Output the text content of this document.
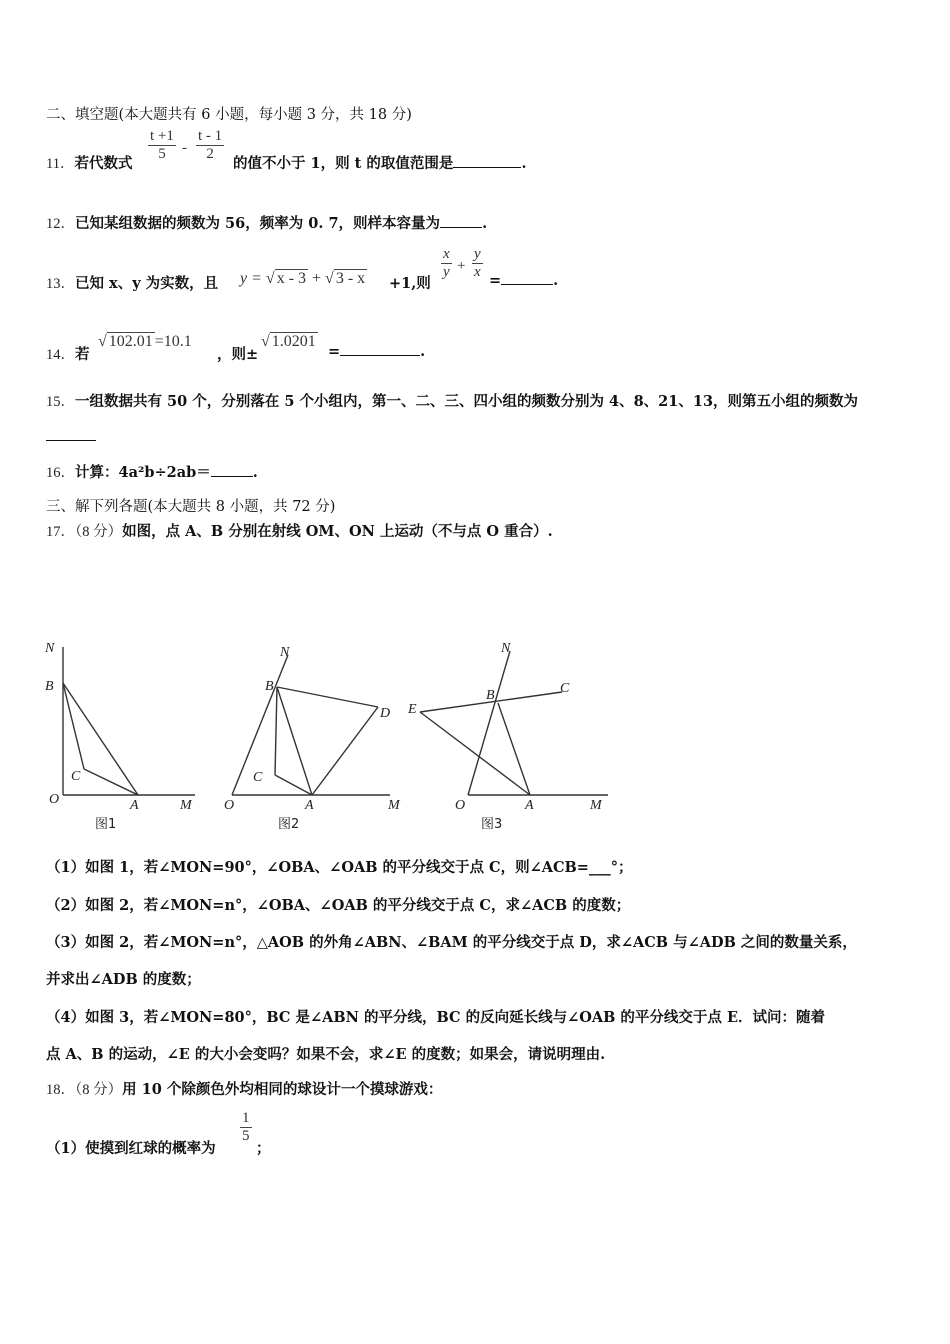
二、填空题(本大题共有 6 小题，每小题 3 分，共 18 分)
11．若代数式
$\frac{t +1}{5} - \frac{t - 1}{2}$
的值不小于 1，则 t 的取值范围是	.
12．已知某组数据的频数为 56，频率为 0. 7，则样本容量为	.
13．已知 x、y 为实数，且 y = √ x - 3 + √ 3 - x +1,则
$\frac{x}{y} + \frac{y}{x}$ =	.
14．若
√ 102.01 =10.1
，则±
√ 1.0201
=	.
15．一组数据共有 50 个，分别落在 5 个小组内，第一、二、三、四小组的频数分别为 4、8、21、13，则第五小组的频数为
16．计算：4a²b÷2ab＝	.
三、解下列各题(本大题共 8 小题，共 72 分)
17．（8 分）如图，点 A、B 分别在射线 OM、ON 上运动（不与点 O 重合）.
N
B
C
O	A	M
图1
N
B
D
C
O	A	M
图2
N
C
B
E
O	A	M
图3
（1）如图 1，若∠MON=90°，∠OBA、∠OAB 的平分线交于点 C，则∠ACB=___°；
（2）如图 2，若∠MON=n°，∠OBA、∠OAB 的平分线交于点 C，求∠ACB 的度数；
（3）如图 2，若∠MON=n°，△AOB 的外角∠ABN、∠BAM 的平分线交于点 D，求∠ACB 与∠ADB 之间的数量关系，
并求出∠ADB 的度数；
（4）如图 3，若∠MON=80°，BC 是∠ABN 的平分线，BC 的反向延长线与∠OAB 的平分线交于点 E．试问：随着
点 A、B 的运动，∠E 的大小会变吗？如果不会，求∠E 的度数；如果会，请说明理由.
18．（8 分）用 10 个除颜色外均相同的球设计一个摸球游戏：
（1）使摸到红球的概率为
$\frac{1}{5}$
；
